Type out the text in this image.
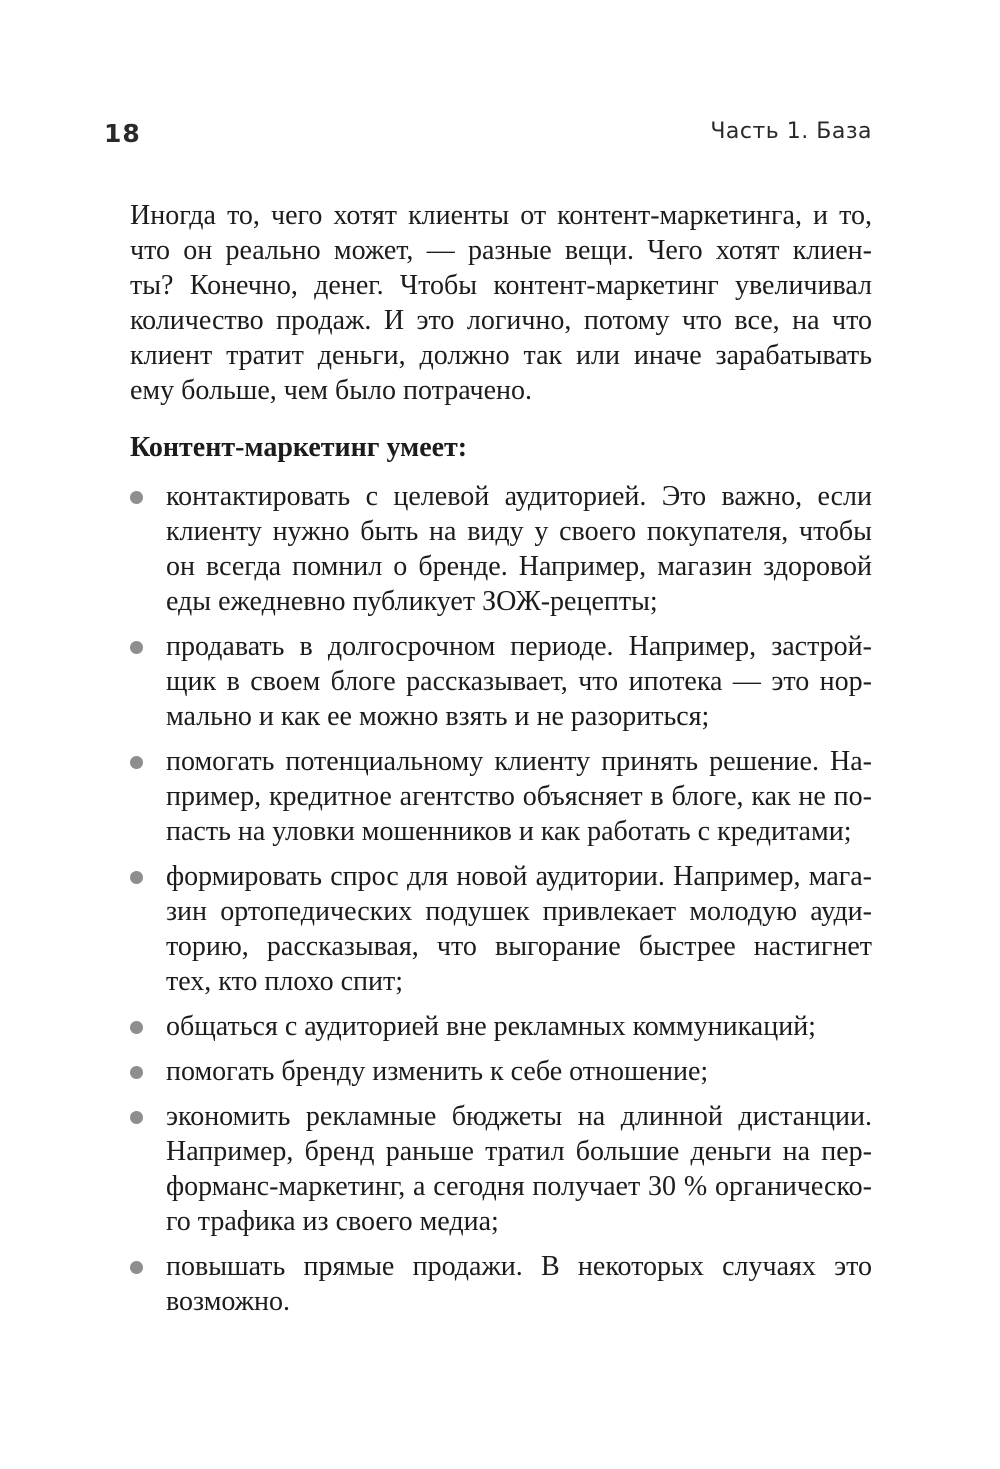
18	Часть 1. База
Иногда то, чего хотят клиенты от контент-маркетинга, и то,
что он реально может, — разные вещи. Чего хотят клиен-
ты? Конечно, денег. Чтобы контент-маркетинг увеличивал
количество продаж. И это логично, потому что все, на что
клиент тратит деньги, должно так или иначе зарабатывать
ему больше, чем было потрачено.
Контент-маркетинг умеет:
контактировать с целевой аудиторией. Это важно, если
клиенту нужно быть на виду у своего покупателя, чтобы
он всегда помнил о бренде. Например, магазин здоровой
еды ежедневно публикует ЗОЖ-рецепты;
продавать в долгосрочном периоде. Например, застрой-
щик в своем блоге рассказывает, что ипотека — это нор-
мально и как ее можно взять и не разориться;
помогать потенциальному клиенту принять решение. На-
пример, кредитное агентство объясняет в блоге, как не по-
пасть на уловки мошенников и как работать с кредитами;
формировать спрос для новой аудитории. Например, мага-
зин ортопедических подушек привлекает молодую ауди-
торию, рассказывая, что выгорание быстрее настигнет
тех, кто плохо спит;
общаться с аудиторией вне рекламных коммуникаций;
помогать бренду изменить к себе отношение;
экономить рекламные бюджеты на длинной дистанции.
Например, бренд раньше тратил большие деньги на пер-
форманс-маркетинг, а сегодня получает 30 % органическо-
го трафика из своего медиа;
повышать прямые продажи. В некоторых случаях это
возможно.
